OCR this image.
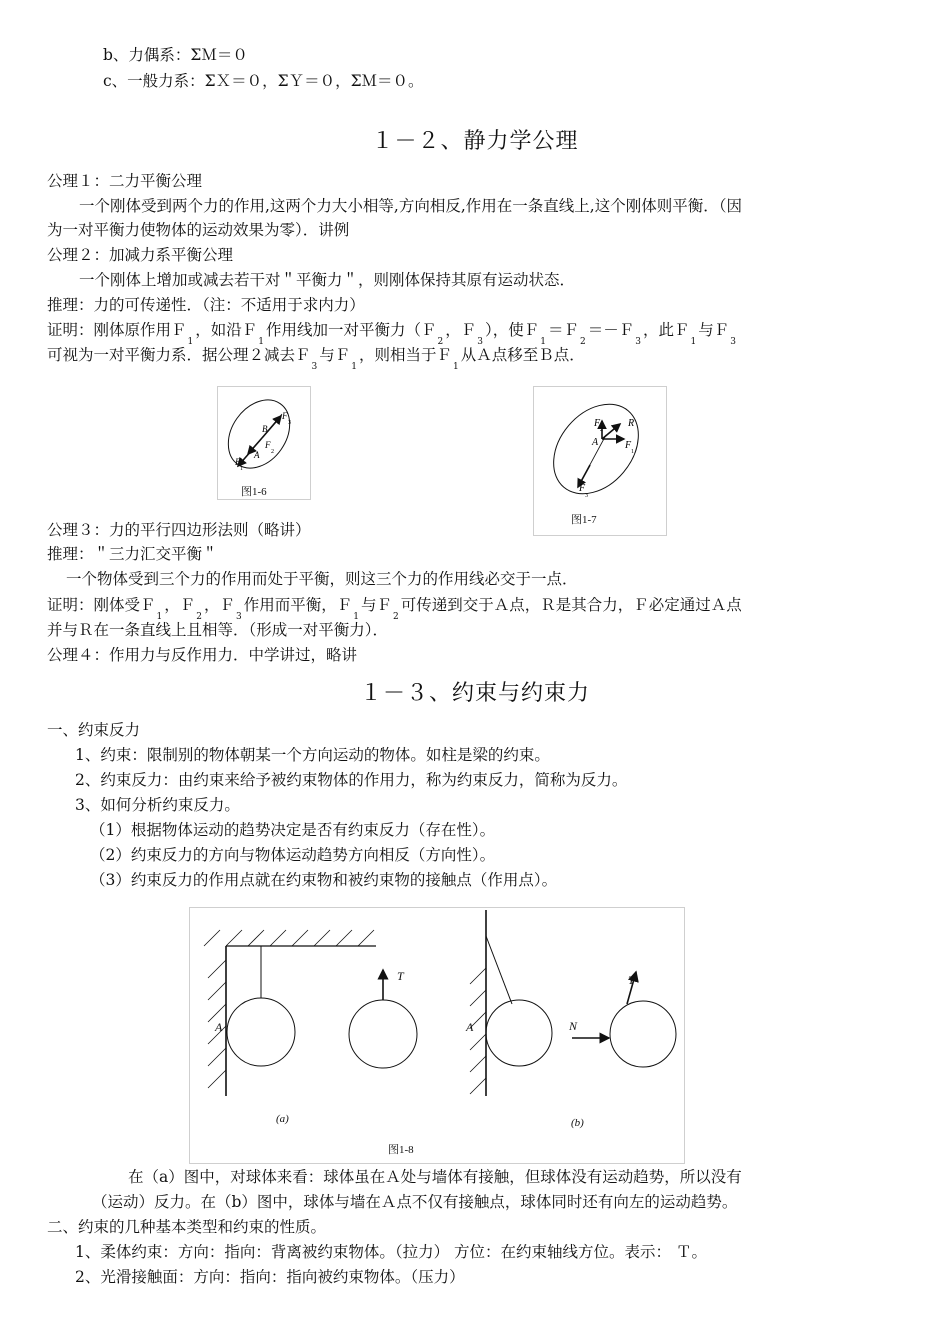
b、力偶系：ΣＭ＝０
c、一般力系：ΣＸ＝０，ΣＹ＝０，ΣＭ＝０。
１－２、静力学公理
公理１：二力平衡公理
一个刚体受到两个力的作用,这两个力大小相等,方向相反,作用在一条直线上,这个刚体则平衡．（因
为一对平衡力使物体的运动效果为零）．讲例
公理２：加减力系平衡公理
一个刚体上增加或减去若干对＂平衡力＂，则刚体保持其原有运动状态．
推理：力的可传递性．（注：不适用于求内力）
证明：刚体原作用Ｆ$_1$，如沿Ｆ$_1$作用线加一对平衡力（Ｆ$_2$，Ｆ$_3$），使Ｆ$_1$＝Ｆ$_2$＝－Ｆ$_3$，此Ｆ$_1$与Ｆ$_3$
可视为一对平衡力系．据公理２减去Ｆ$_3$与Ｆ$_1$，则相当于Ｆ$_1$从Ａ点移至Ｂ点．
F
3
B
F
2
A
F
1
图1-6
F
2
R
A	F
1
F
3
图1-7
公理３：力的平行四边形法则（略讲）
推理：＂三力汇交平衡＂
一个物体受到三个力的作用而处于平衡，则这三个力的作用线必交于一点．
证明：刚体受Ｆ$_1$，Ｆ$_2$，Ｆ$_3$作用而平衡，Ｆ$_1$与Ｆ$_2$可传递到交于Ａ点，Ｒ是其合力，Ｆ必定通过Ａ点
并与Ｒ在一条直线上且相等．（形成一对平衡力）．
公理４：作用力与反作用力．中学讲过，略讲
１－３、约束与约束力
一、约束反力
1、约束：限制别的物体朝某一个方向运动的物体。如柱是梁的约束。
2、约束反力：由约束来给予被约束物体的作用力，称为约束反力，简称为反力。
3、如何分析约束反力。
（1）根据物体运动的趋势决定是否有约束反力（存在性）。
（2）约束反力的方向与物体运动趋势方向相反（方向性）。
（3）约束反力的作用点就在约束物和被约束物的接触点（作用点）。
A
T
A	N
T
(a)	(b)
图1-8
在（a）图中，对球体来看：球体虽在Ａ处与墙体有接触，但球体没有运动趋势，所以没有
（运动）反力。在（b）图中，球体与墙在Ａ点不仅有接触点，球体同时还有向左的运动趋势。
二、约束的几种基本类型和约束的性质。
1、柔体约束：方向：指向：背离被约束物体。（拉力） 方位：在约束轴线方位。表示： Ｔ。
2、光滑接触面：方向：指向：指向被约束物体。（压力）
